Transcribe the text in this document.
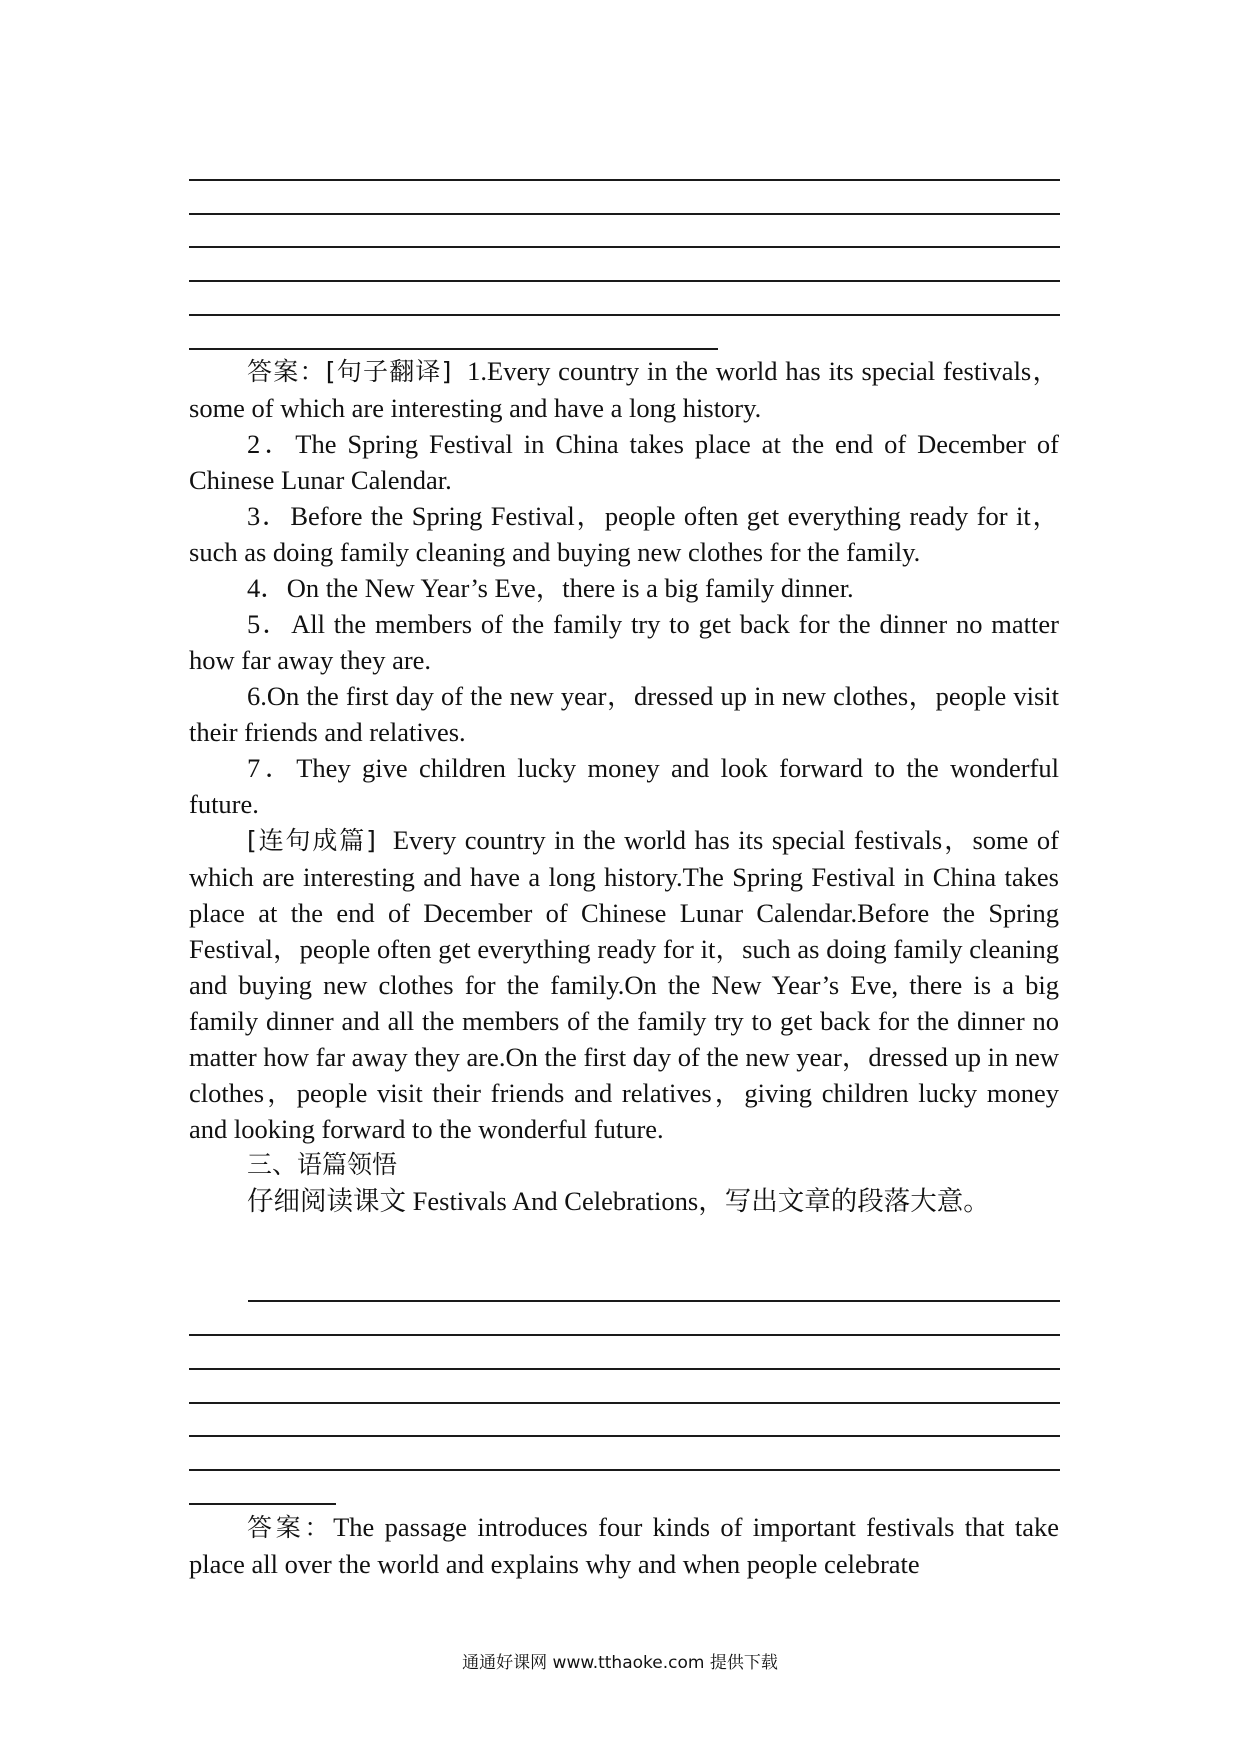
答案：[句子翻译] 1.Every country in the world has its special festivals，some of which are interesting and have a long history.

2．The Spring Festival in China takes place at the end of December of Chinese Lunar Calendar.

3．Before the Spring Festival，people often get everything ready for it，such as doing family cleaning and buying new clothes for the family.

4．On the New Year’s Eve，there is a big family dinner.

5．All the members of the family try to get back for the dinner no matter how far away they are.

6.On the first day of the new year，dressed up in new clothes，people visit their friends and relatives.

7．They give children lucky money and look forward to the wonderful future.

[连句成篇] Every country in the world has its special festivals，some of which are interesting and have a long history.The Spring Festival in China takes place at the end of December of Chinese Lunar Calendar.Before the Spring Festival，people often get everything ready for it，such as doing family cleaning and buying new clothes for the family.On the New Year’s Eve, there is a big family dinner and all the members of the family try to get back for the dinner no matter how far away they are.On the first day of the new year，dressed up in new clothes，people visit their friends and relatives，giving children lucky money and looking forward to the wonderful future.

三、语篇领悟

仔细阅读课文 Festivals And Celebrations，写出文章的段落大意。

答案：The passage introduces four kinds of important festivals that take place all over the world and explains why and when people celebrate

通通好课网 www.tthaoke.com 提供下载
